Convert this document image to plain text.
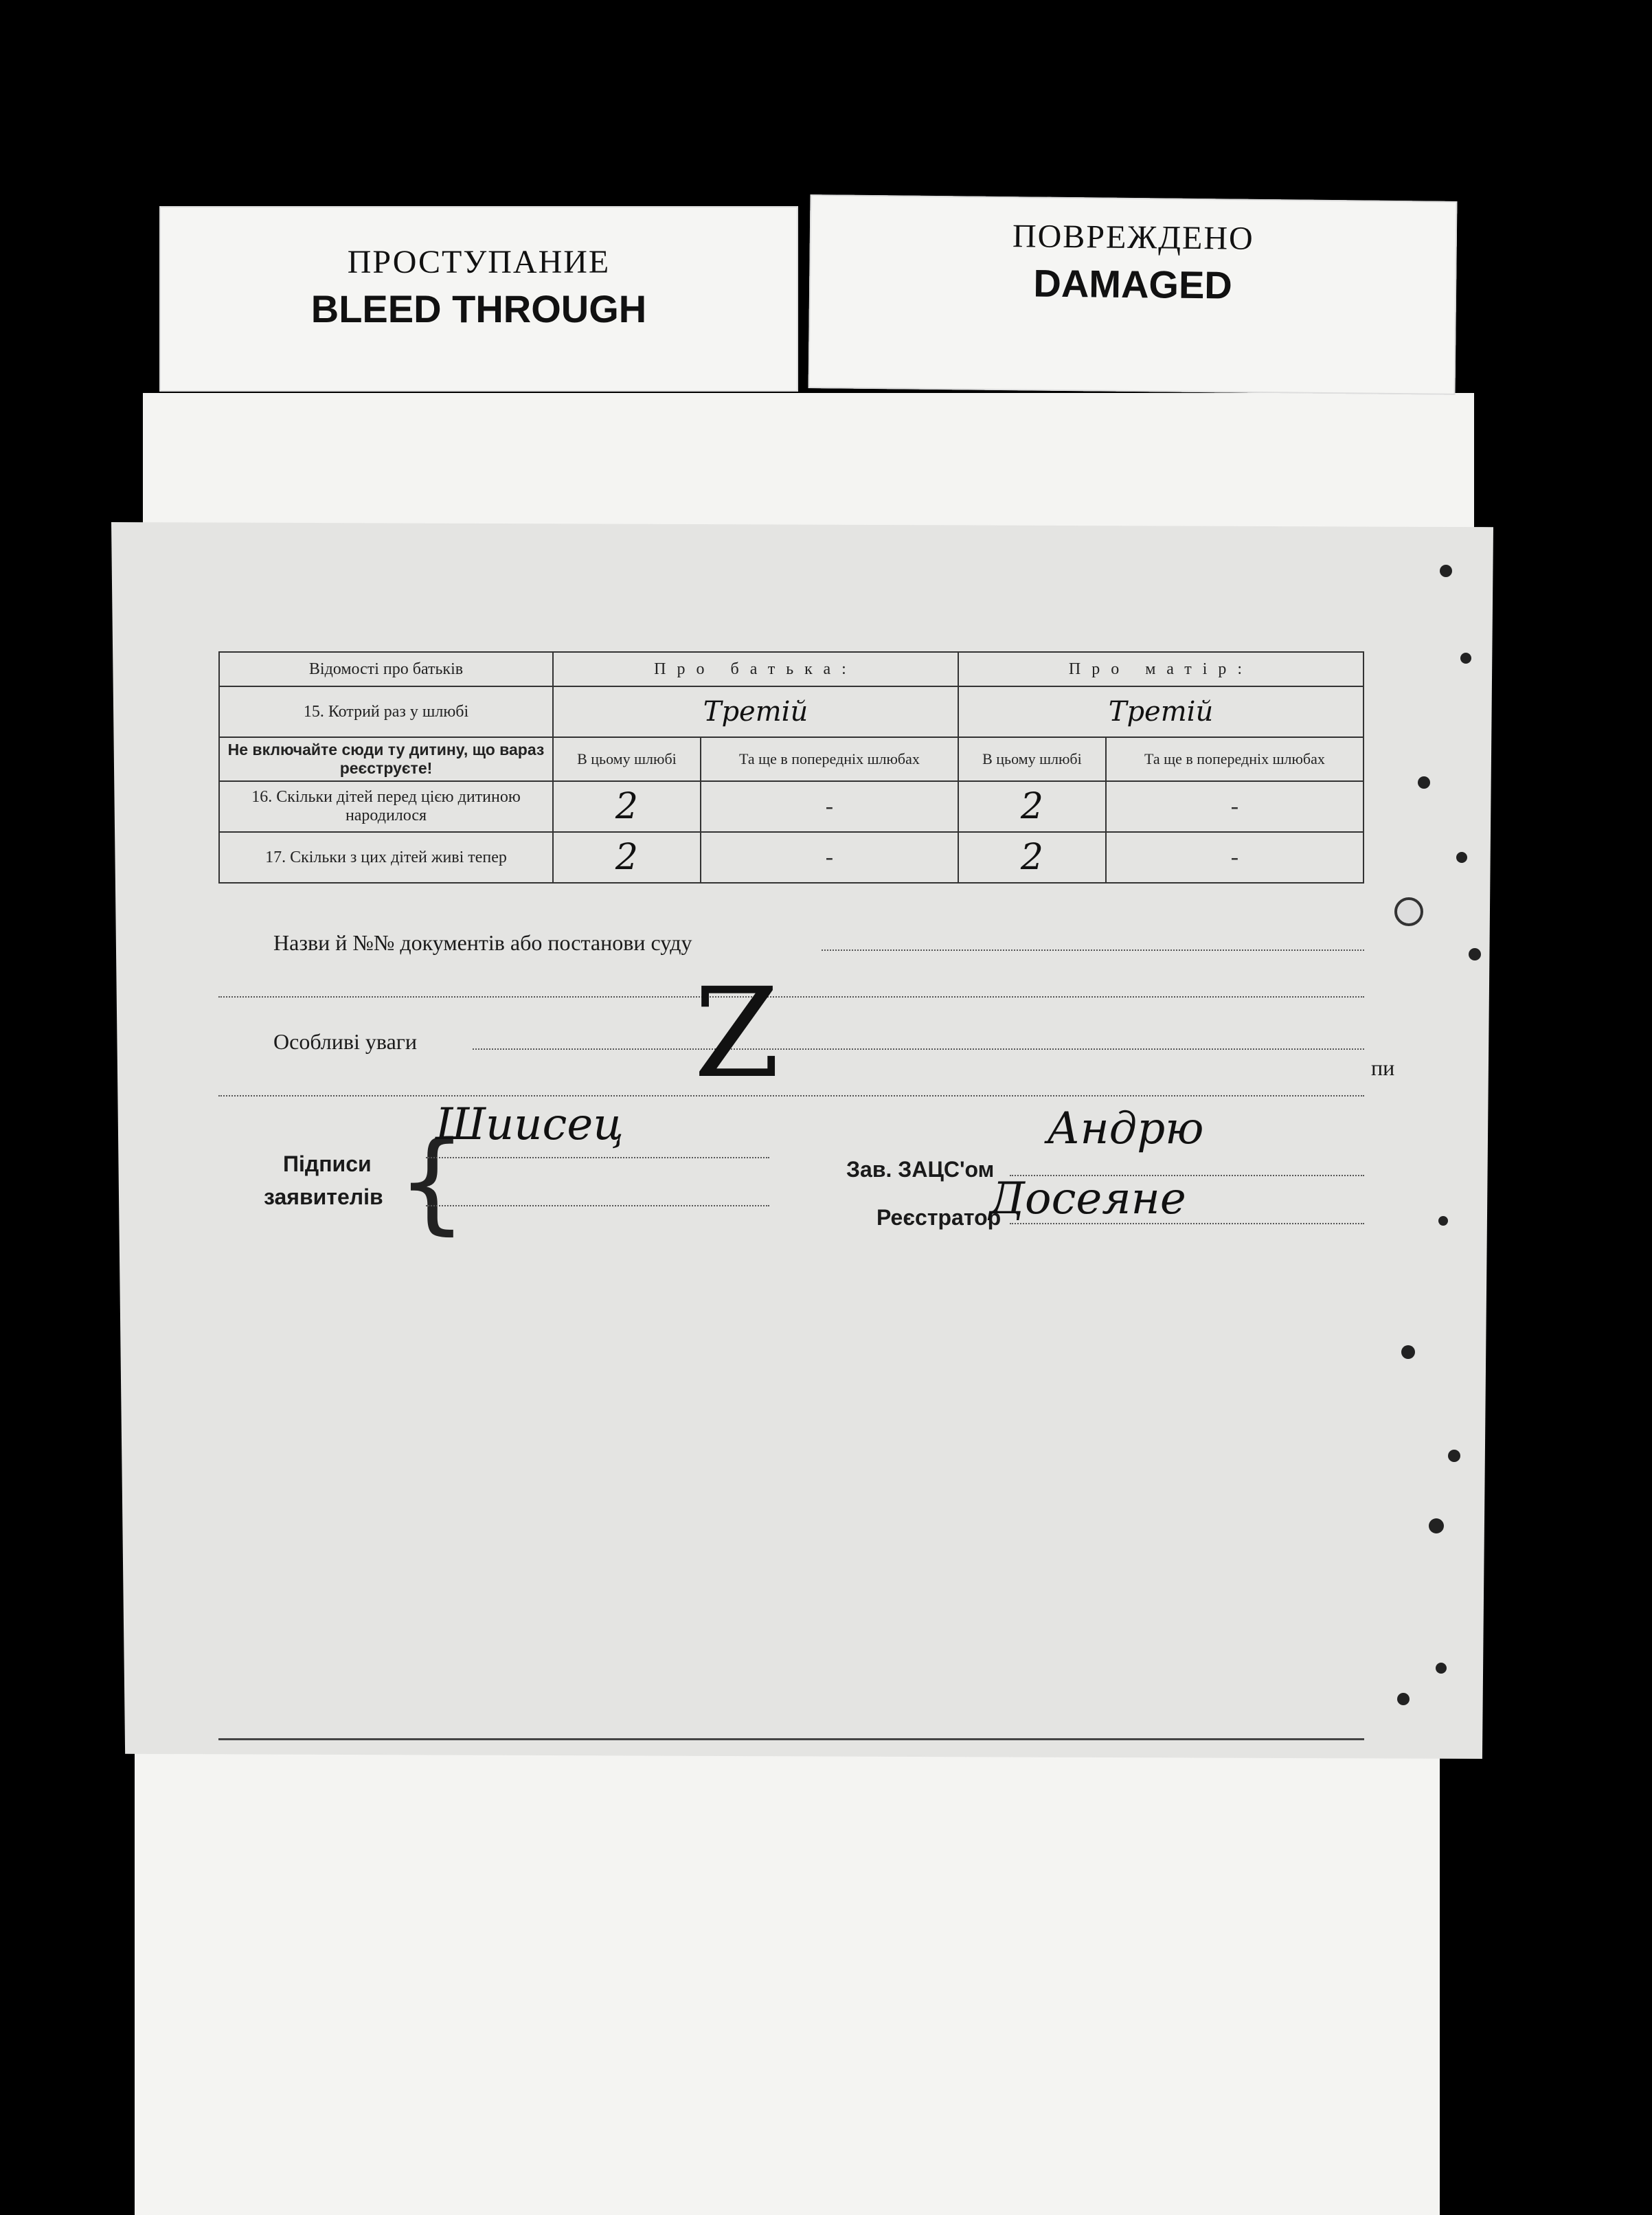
ПРОСТУПАНИЕ
BLEED THROUGH
ПОВРЕЖДЕНО
DAMAGED
Відомості про батьків	Про батька:		Про матір:	
15. Котрий раз у шлюбі	Третій		Третій	
Не включайте сюди ту дитину, що вараз реєструєте!	В цьому шлюбі	Та ще в попередніх шлюбах	В цьому шлюбі	Та ще в попередніх шлюбах
16. Скільки дітей перед цією дитиною народилося	2	-	2	-
17. Скільки з цих дітей живі тепер	2	-	2	-
Назви й №№ документів або постанови суду
Особливі уваги Z	пи
Підписи
заявителів {
Шиисец
Зав. ЗАЦС'ом
Андрю
Реєстратор
Досеяне
